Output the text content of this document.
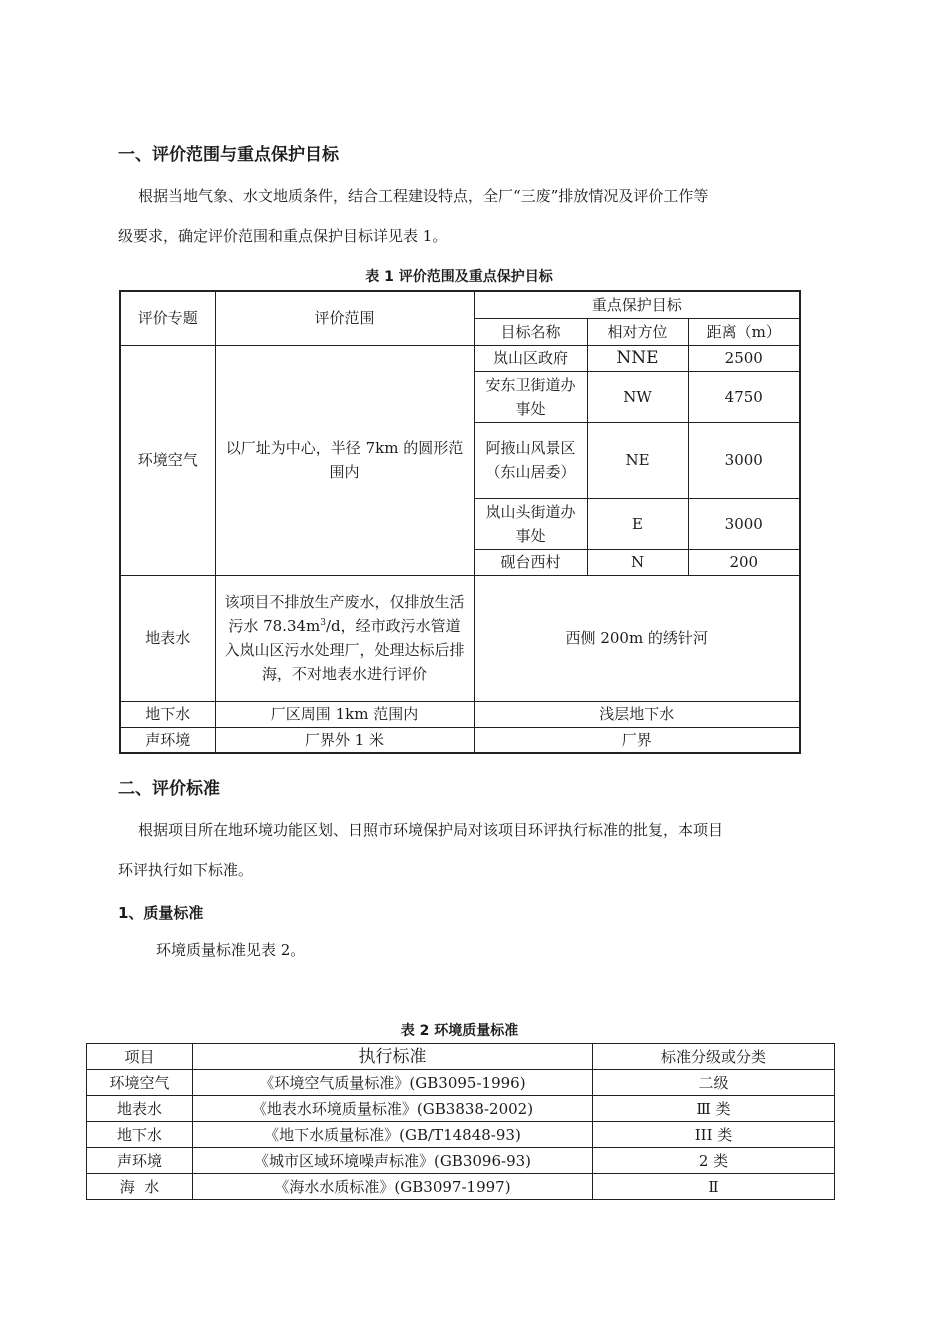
一、评价范围与重点保护目标
根据当地气象、水文地质条件，结合工程建设特点，全厂“三废”排放情况及评价工作等
级要求，确定评价范围和重点保护目标详见表 1。
表 1 评价范围及重点保护目标
评价专题	评价范围	重点保护目标		
		目标名称	相对方位	距离（m）
环境空气	以厂址为中心，半径 7km 的圆形范围内	岚山区政府	NNE	2500
		安东卫街道办事处	NW	4750
		阿掖山风景区（东山居委）	NE	3000
		岚山头街道办事处	E	3000
		砚台西村	N	200
地表水	该项目不排放生产废水，仅排放生活污水 $78.34m^3/d$，经市政污水管道入岚山区污水处理厂，处理达标后排海，不对地表水进行评价	西侧 200m 的绣针河		
地下水	厂区周围 1km 范围内	浅层地下水		
声环境	厂界外 1 米	厂界		
二、评价标准
根据项目所在地环境功能区划、日照市环境保护局对该项目环评执行标准的批复，本项目
环评执行如下标准。
1、质量标准
环境质量标准见表 2。
表 2 环境质量标准
项目	执行标准	标准分级或分类
环境空气	《环境空气质量标准》(GB3095-1996)	二级
地表水	《地表水环境质量标准》(GB3838-2002)	Ⅲ 类
地下水	《地下水质量标准》(GB/T14848-93)	III 类
声环境	《城市区域环境噪声标准》(GB3096-93)	2 类
海  水	《海水水质标准》(GB3097-1997)	Ⅱ
